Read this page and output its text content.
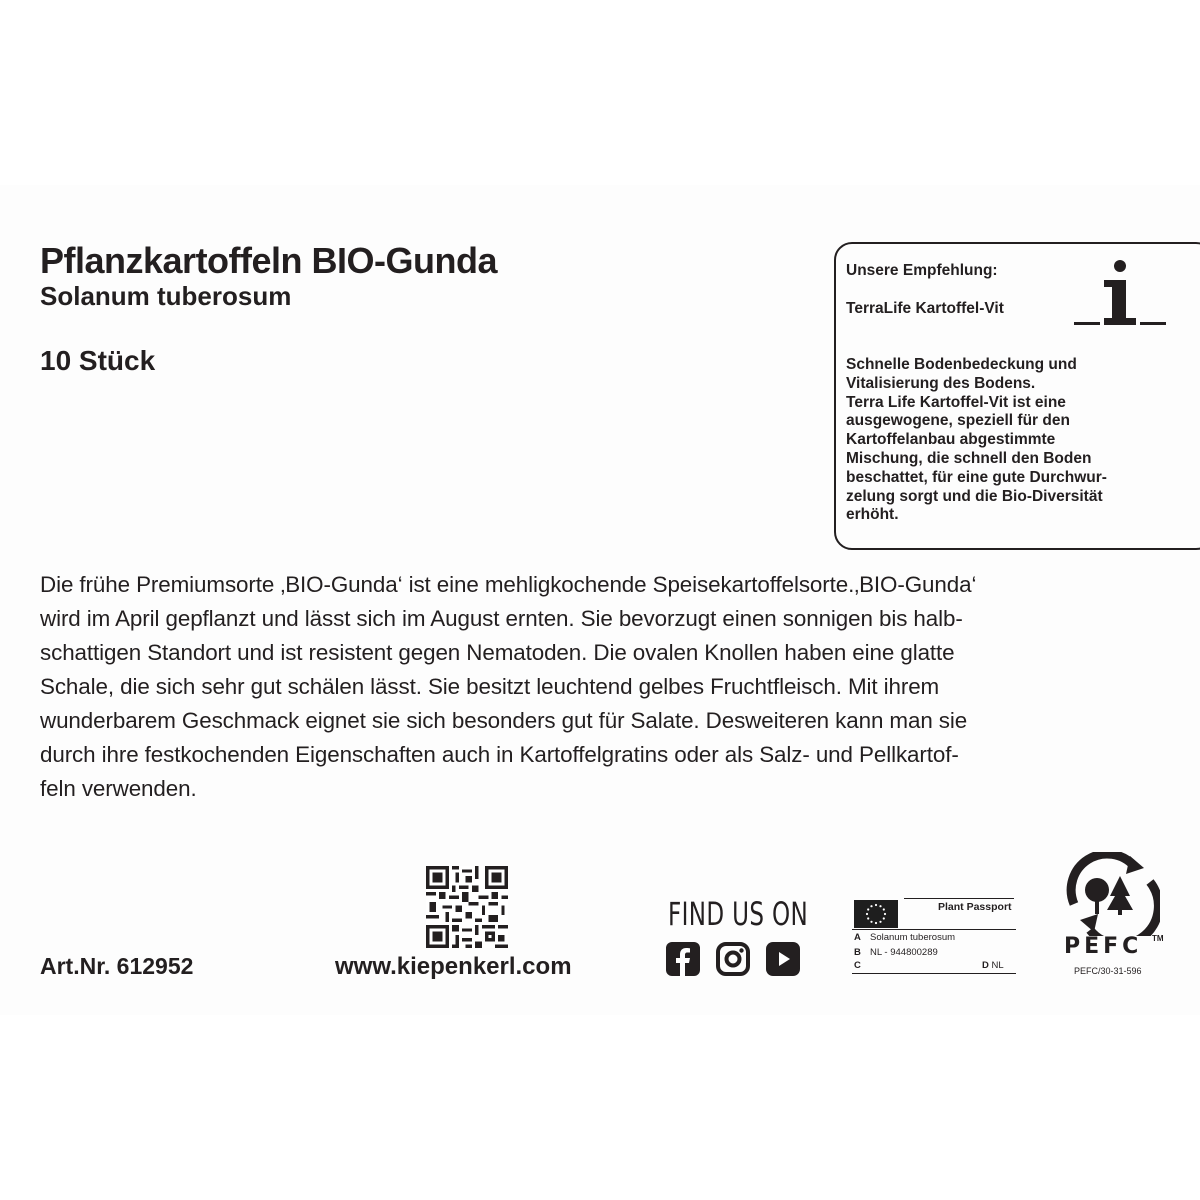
Pflanzkartoffeln BIO-Gunda
Solanum tuberosum
10 Stück
Unsere Empfehlung:
TerraLife Kartoffel-Vit
Schnelle Bodenbedeckung und
Vitalisierung des Bodens.
Terra Life Kartoffel-Vit ist eine
ausgewogene, speziell für den
Kartoffelanbau abgestimmte
Mischung, die schnell den Boden
beschattet, für eine gute Durchwur-
zelung sorgt und die Bio-Diversität
erhöht.
Die frühe Premiumsorte ‚BIO-Gunda‘ ist eine mehligkochende Speisekartoffelsorte.‚BIO-Gunda‘
wird im April gepflanzt und lässt sich im August ernten. Sie bevorzugt einen sonnigen bis halb-
schattigen Standort und ist resistent gegen Nematoden. Die ovalen Knollen haben eine glatte
Schale, die sich sehr gut schälen lässt. Sie besitzt leuchtend gelbes Fruchtfleisch. Mit ihrem
wunderbarem Geschmack eignet sie sich besonders gut für Salate. Desweiteren kann man sie
durch ihre festkochenden Eigenschaften auch in Kartoffelgratins oder als Salz- und Pellkartof-
feln verwenden.
Art.Nr. 612952	www.kiepenkerl.com
FIND US ON	Plant Passport
A Solanum tuberosum
B NL - 944800289
C	D NL
PEFC TM
PEFC/30-31-596
